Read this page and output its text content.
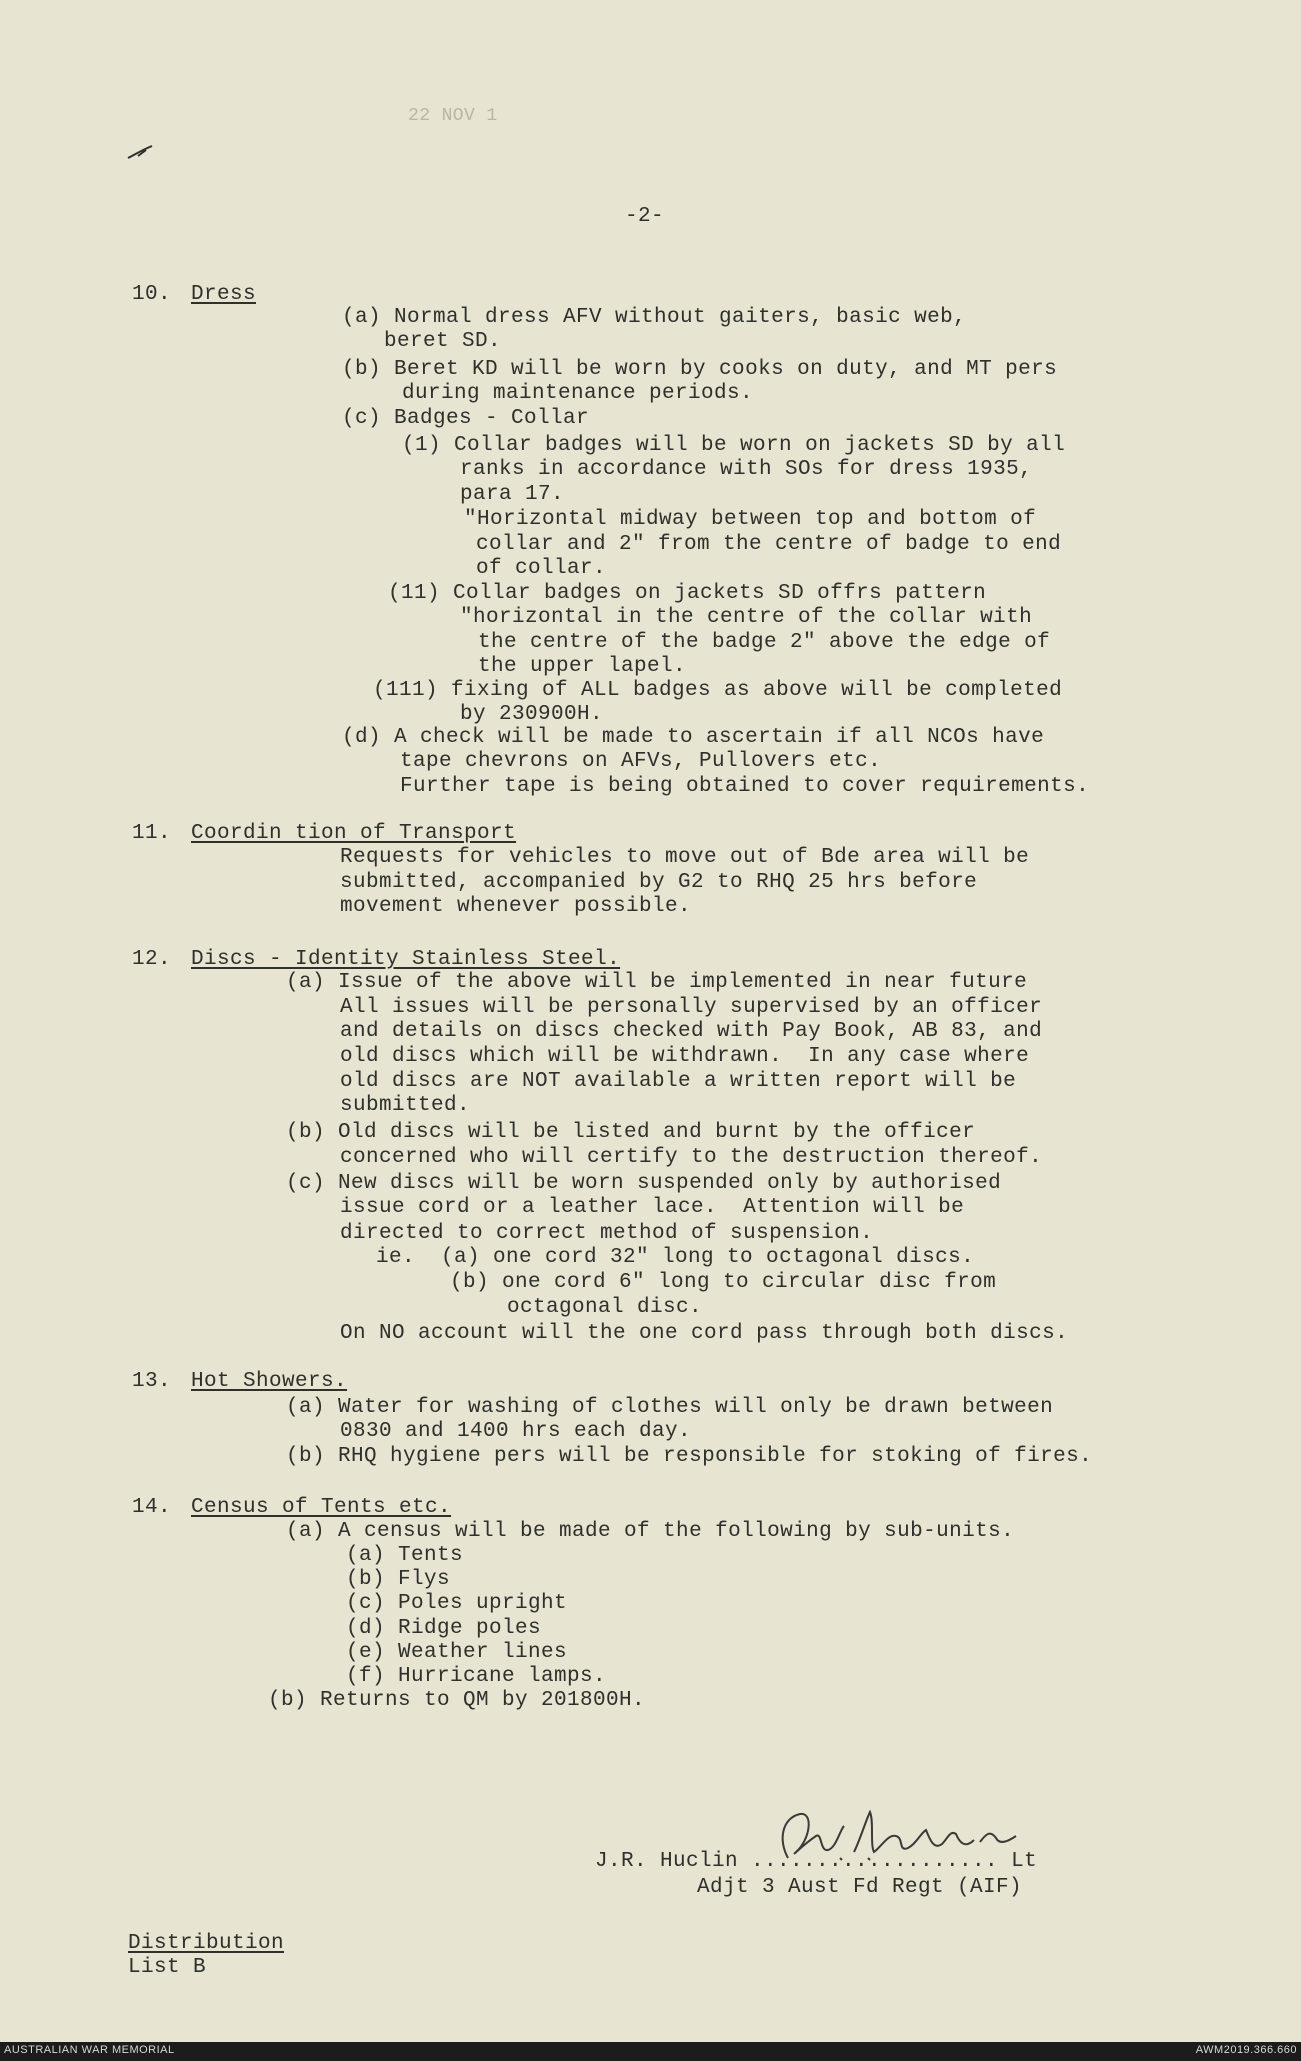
22 NOV 1
-2-
10. Dress
(a) Normal dress AFV without gaiters, basic web,
beret SD.
(b) Beret KD will be worn by cooks on duty, and MT pers
during maintenance periods.
(c) Badges - Collar
(1) Collar badges will be worn on jackets SD by all
ranks in accordance with SOs for dress 1935,
para 17.
"Horizontal midway between top and bottom of
collar and 2" from the centre of badge to end
of collar.
(11) Collar badges on jackets SD offrs pattern
"horizontal in the centre of the collar with
the centre of the badge 2" above the edge of
the upper lapel.
(111) fixing of ALL badges as above will be completed
by 230900H.
(d) A check will be made to ascertain if all NCOs have
tape chevrons on AFVs, Pullovers etc.
Further tape is being obtained to cover requirements.
11. Coordin tion of Transport
Requests for vehicles to move out of Bde area will be
submitted, accompanied by G2 to RHQ 25 hrs before
movement whenever possible.
12. Discs - Identity Stainless Steel.
(a) Issue of the above will be implemented in near future
All issues will be personally supervised by an officer
and details on discs checked with Pay Book, AB 83, and
old discs which will be withdrawn.  In any case where
old discs are NOT available a written report will be
submitted.
(b) Old discs will be listed and burnt by the officer
concerned who will certify to the destruction thereof.
(c) New discs will be worn suspended only by authorised
issue cord or a leather lace.  Attention will be
directed to correct method of suspension.
ie.  (a) one cord 32" long to octagonal discs.
(b) one cord 6" long to circular disc from
octagonal disc.
On NO account will the one cord pass through both discs.
13. Hot Showers.
(a) Water for washing of clothes will only be drawn between
0830 and 1400 hrs each day.
(b) RHQ hygiene pers will be responsible for stoking of fires.
14. Census of Tents etc.
(a) A census will be made of the following by sub-units.
(a) Tents
(b) Flys
(c) Poles upright
(d) Ridge poles
(e) Weather lines
(f) Hurricane lamps.
(b) Returns to QM by 201800H.
J.R. Huclin ................... Lt
Adjt 3 Aust Fd Regt (AIF)
Distribution
List B
AUSTRALIAN WAR MEMORIAL	AWM2019.366.660
